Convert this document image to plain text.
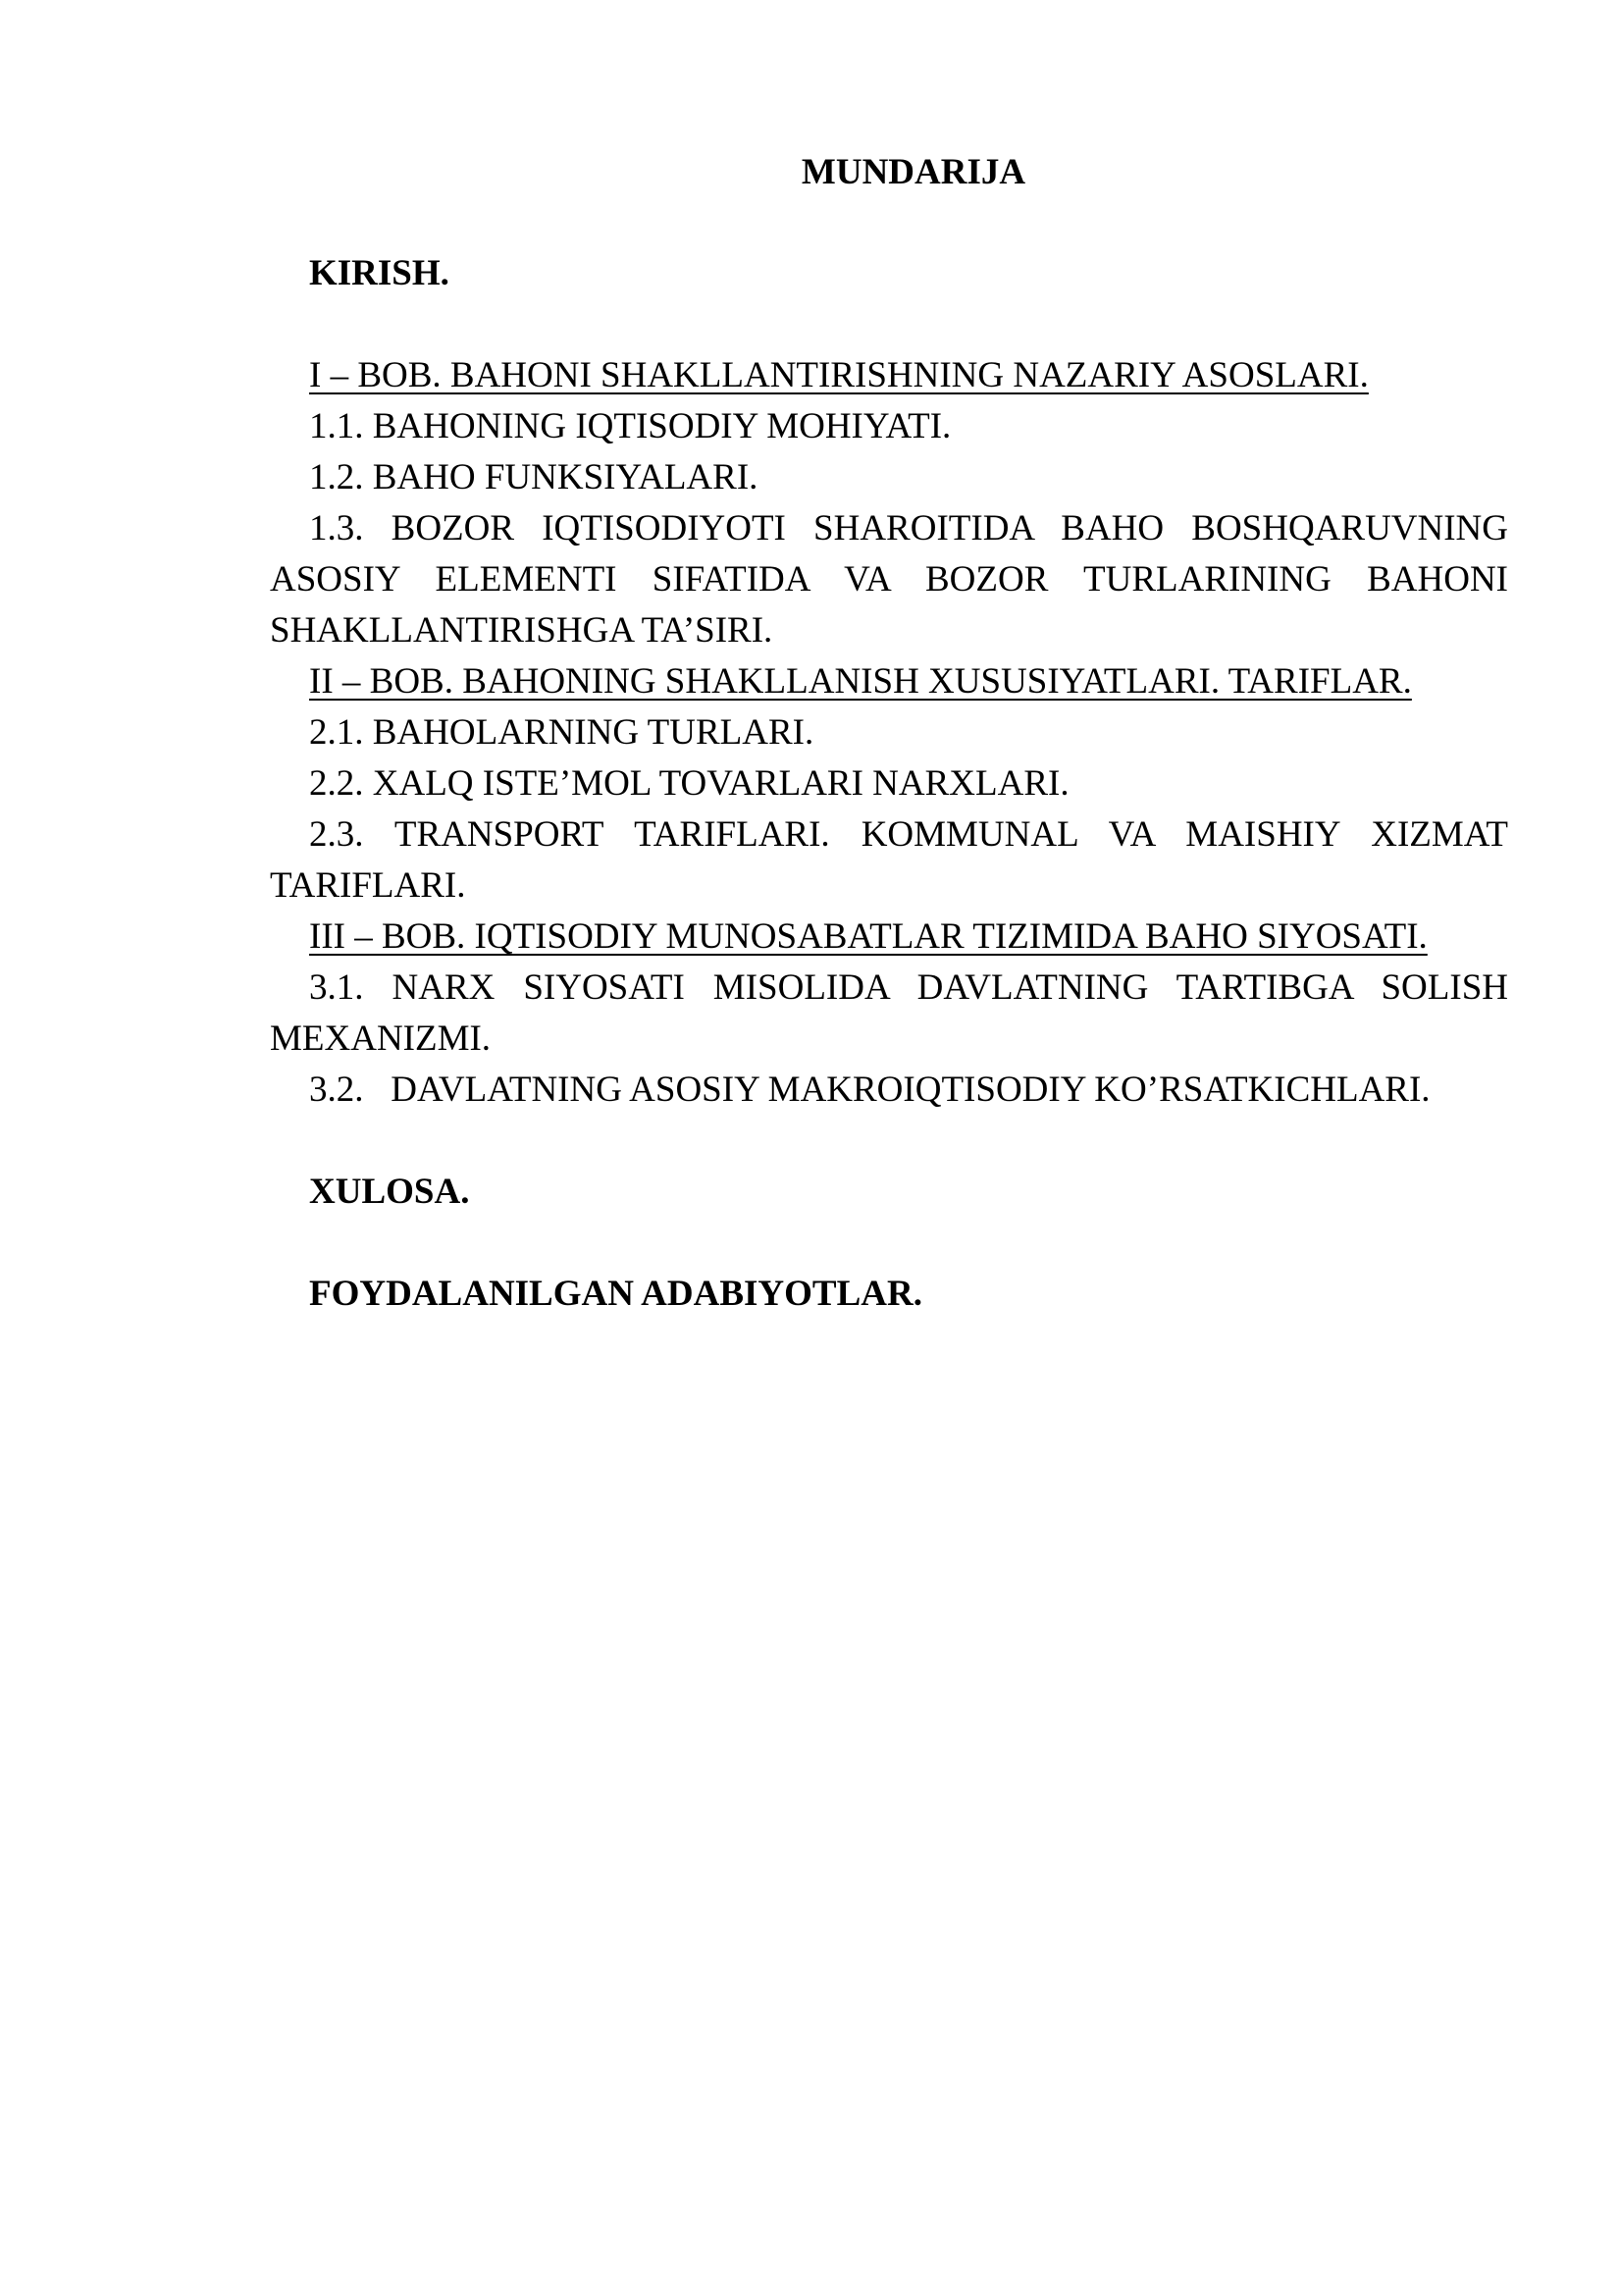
MUNDARIJA

KIRISH.

I – BOB. BAHONI SHAKLLANTIRISHNING NAZARIY ASOSLARI.

1.1. BAHONING IQTISODIY MOHIYATI.

1.2. BAHO FUNKSIYALARI.

1.3. BOZOR IQTISODIYOTI SHAROITIDA BAHO BOSHQARUVNING ASOSIY ELEMENTI SIFATIDA VA BOZOR TURLARINING BAHONI SHAKLLANTIRISHGA TA’SIRI.

II – BOB. BAHONING SHAKLLANISH XUSUSIYATLARI. TARIFLAR.

2.1. BAHOLARNING TURLARI.

2.2. XALQ ISTE’MOL TOVARLARI NARXLARI.

2.3. TRANSPORT TARIFLARI. KOMMUNAL VA MAISHIY XIZMAT TARIFLARI.

III – BOB. IQTISODIY MUNOSABATLAR TIZIMIDA BAHO SIYOSATI.

3.1. NARX SIYOSATI MISOLIDA DAVLATNING TARTIBGA SOLISH MEXANIZMI.

3.2.   DAVLATNING ASOSIY MAKROIQTISODIY KO’RSATKICHLARI.

XULOSA.

FOYDALANILGAN ADABIYOTLAR.
